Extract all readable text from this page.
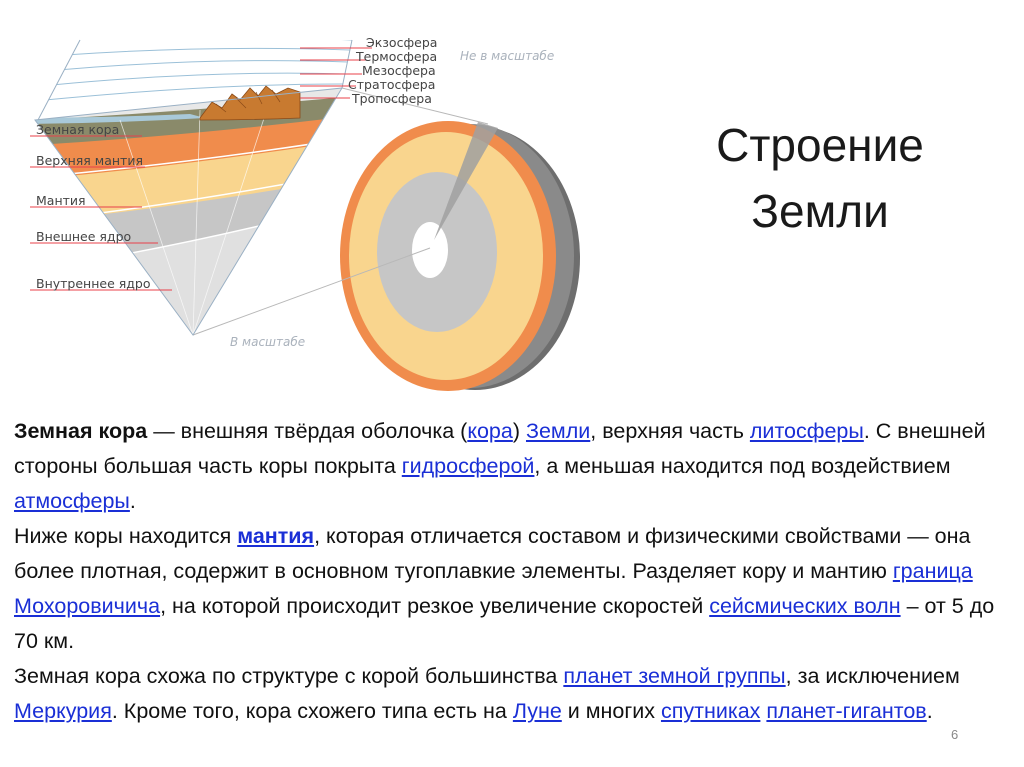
Экзосфера
Термосфера
Мезосфера
Стратосфера
Тропосфера
Не в масштабе
Земная кора
Верхняя мантия
Мантия
Внешнее ядро
Внутреннее ядро
В масштабе
Строение
Земли

Земная кора — внешняя твёрдая оболочка (кора) Земли, верхняя часть литосферы. С внешней стороны большая часть коры покрыта гидросферой, а меньшая находится под воздействием атмосферы.

Ниже коры находится мантия, которая отличается составом и физическими свойствами — она более плотная, содержит в основном тугоплавкие элементы. Разделяет кору и мантию граница Мохоровичича, на которой происходит резкое увеличение скоростей сейсмических волн – от 5 до 70 км.

Земная кора схожа по структуре с корой большинства планет земной группы, за исключением Меркурия. Кроме того, кора схожего типа есть на Луне и многих спутниках планет-гигантов.

6
